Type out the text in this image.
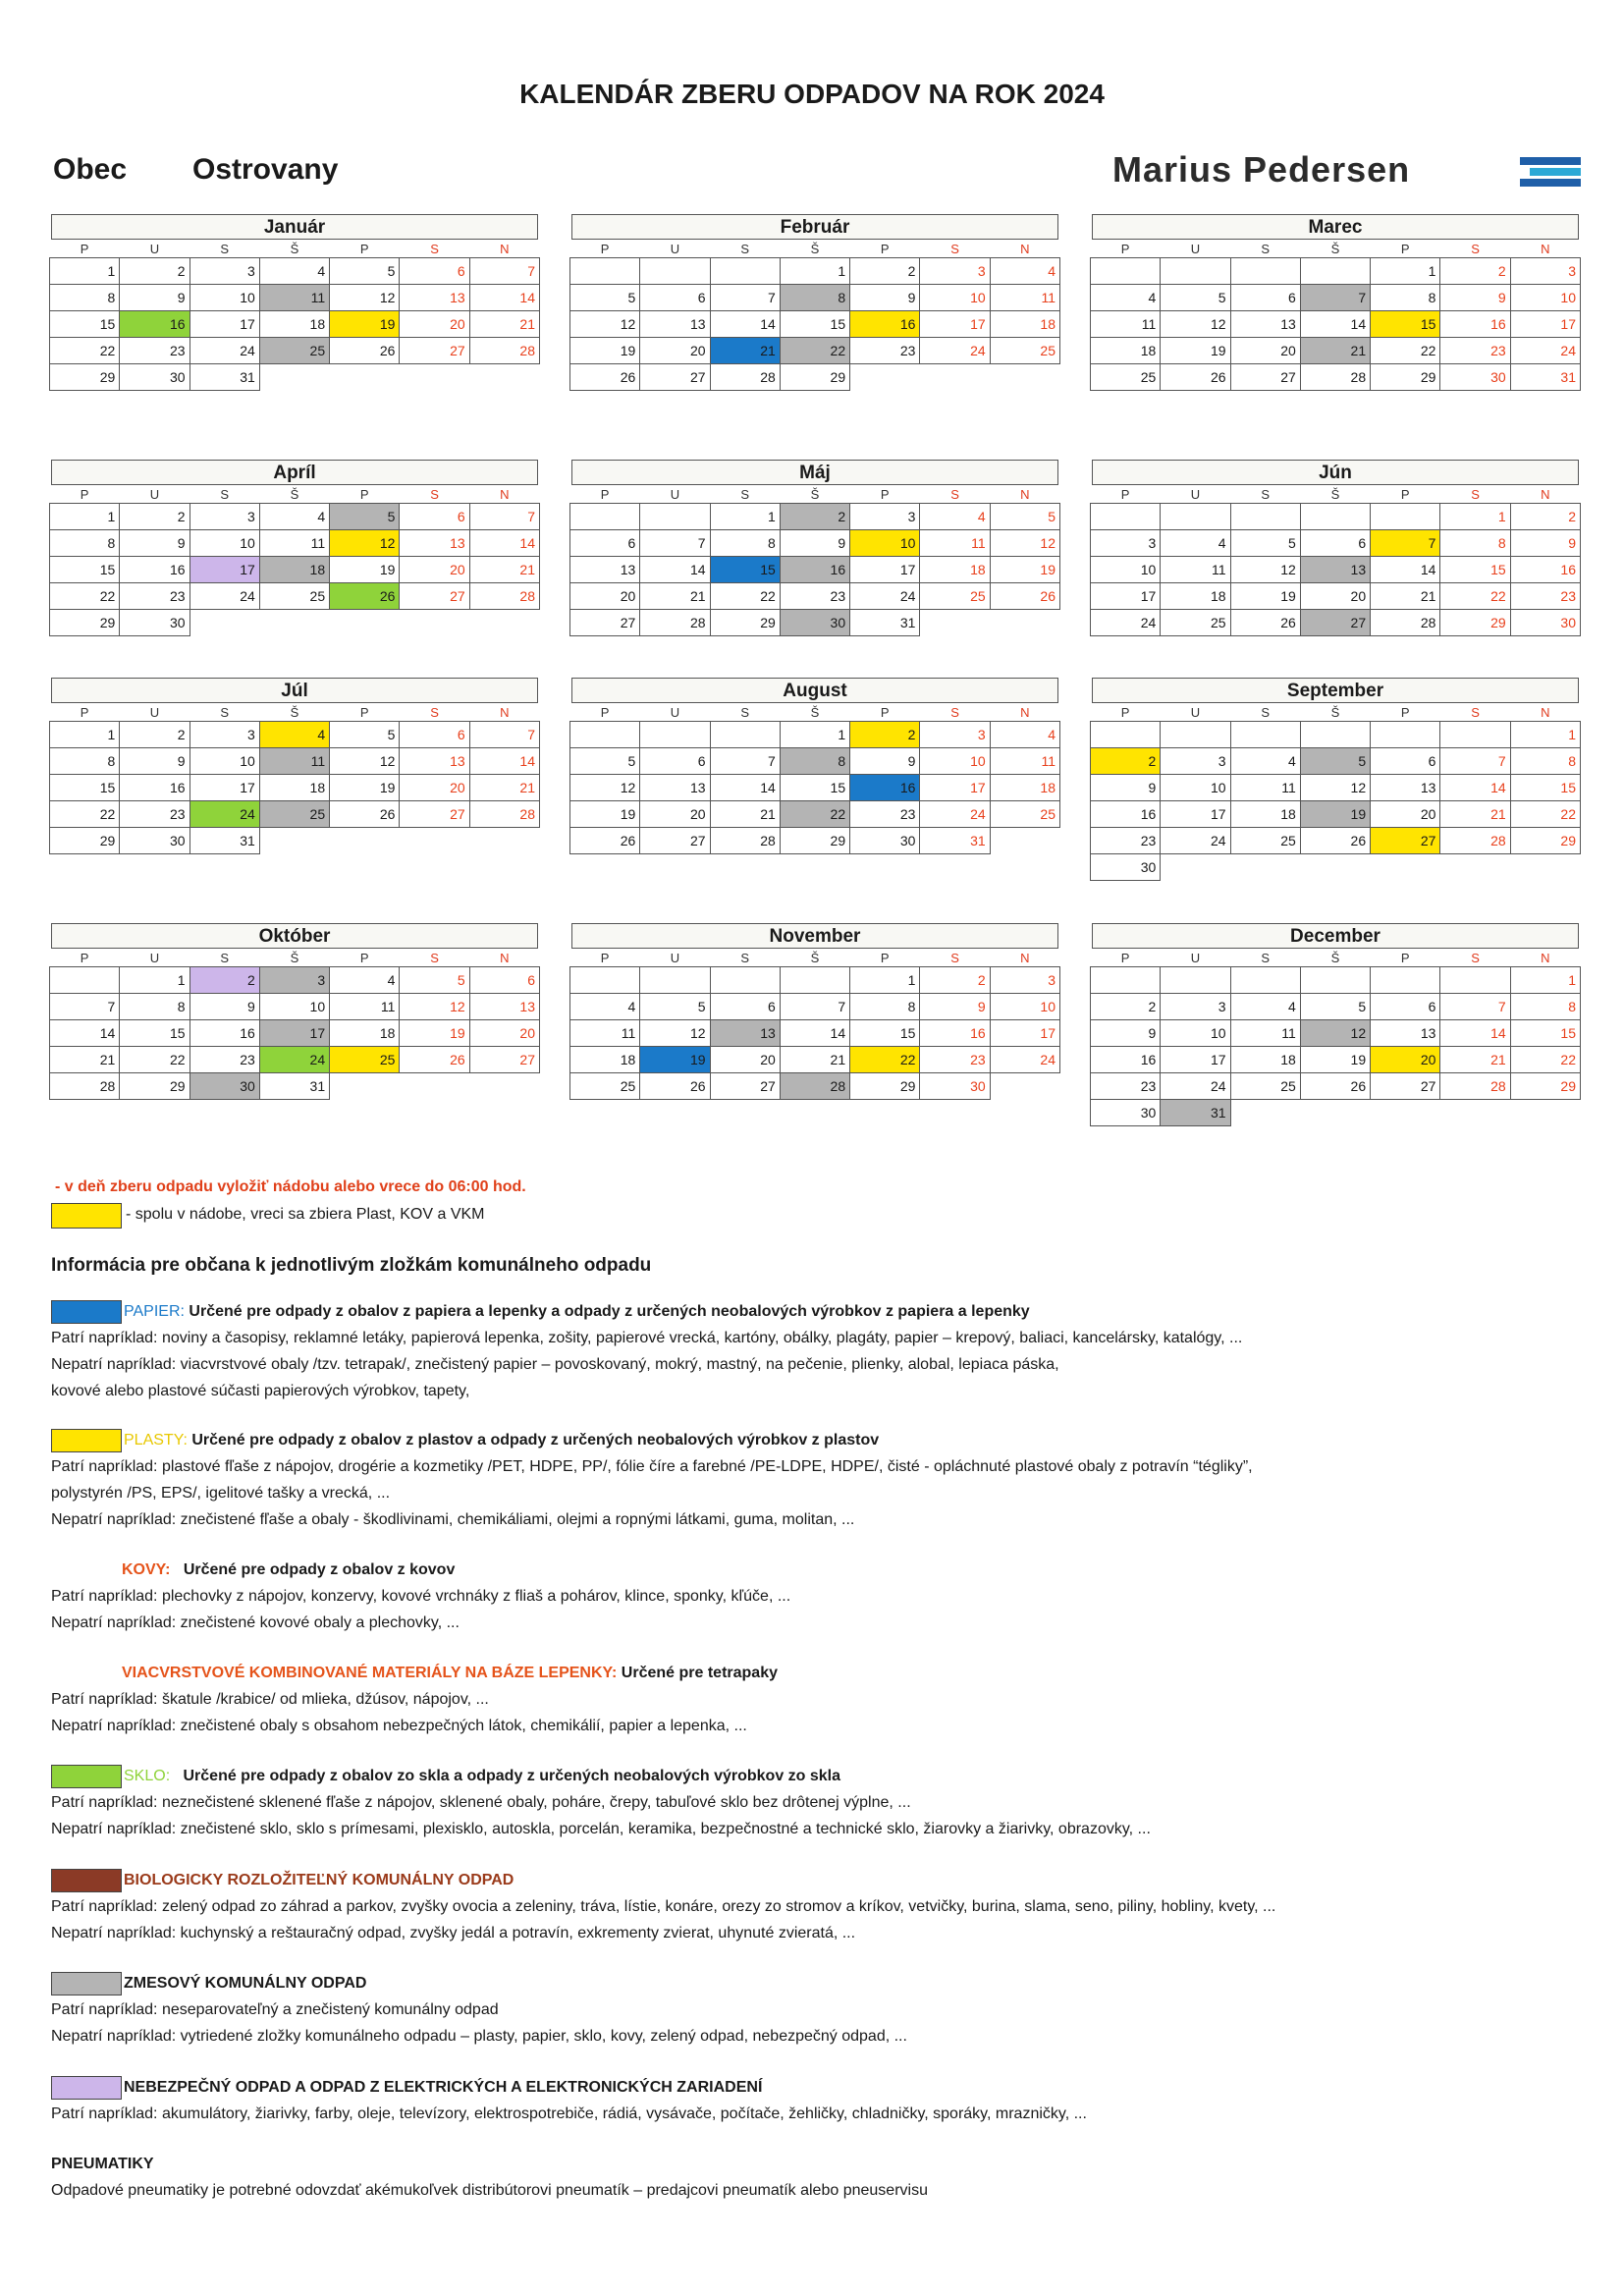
KALENDÁR ZBERU ODPADOV NA ROK 2024
Obec Ostrovany	Marius Pedersen
Január
P	U	S	Š	P	S	N
1	2	3	4	5	6	7
8	9	10	11	12	13	14
15	16	17	18	19	20	21
22	23	24	25	26	27	28
29	30	31				
Február
P	U	S	Š	P	S	N
			1	2	3	4
5	6	7	8	9	10	11
12	13	14	15	16	17	18
19	20	21	22	23	24	25
26	27	28	29			
Marec
P	U	S	Š	P	S	N
				1	2	3
4	5	6	7	8	9	10
11	12	13	14	15	16	17
18	19	20	21	22	23	24
25	26	27	28	29	30	31
Apríl
P	U	S	Š	P	S	N
1	2	3	4	5	6	7
8	9	10	11	12	13	14
15	16	17	18	19	20	21
22	23	24	25	26	27	28
29	30					
Máj
P	U	S	Š	P	S	N
		1	2	3	4	5
6	7	8	9	10	11	12
13	14	15	16	17	18	19
20	21	22	23	24	25	26
27	28	29	30	31		
Jún
P	U	S	Š	P	S	N
					1	2
3	4	5	6	7	8	9
10	11	12	13	14	15	16
17	18	19	20	21	22	23
24	25	26	27	28	29	30
Júl
P	U	S	Š	P	S	N
1	2	3	4	5	6	7
8	9	10	11	12	13	14
15	16	17	18	19	20	21
22	23	24	25	26	27	28
29	30	31				
August
P	U	S	Š	P	S	N
			1	2	3	4
5	6	7	8	9	10	11
12	13	14	15	16	17	18
19	20	21	22	23	24	25
26	27	28	29	30	31	
September
P	U	S	Š	P	S	N
						1
2	3	4	5	6	7	8
9	10	11	12	13	14	15
16	17	18	19	20	21	22
23	24	25	26	27	28	29
30						
Október
P	U	S	Š	P	S	N
	1	2	3	4	5	6
7	8	9	10	11	12	13
14	15	16	17	18	19	20
21	22	23	24	25	26	27
28	29	30	31			
November
P	U	S	Š	P	S	N
				1	2	3
4	5	6	7	8	9	10
11	12	13	14	15	16	17
18	19	20	21	22	23	24
25	26	27	28	29	30	
December
P	U	S	Š	P	S	N
						1
2	3	4	5	6	7	8
9	10	11	12	13	14	15
16	17	18	19	20	21	22
23	24	25	26	27	28	29
30	31					
- v deň zberu odpadu vyložiť nádobu alebo vrece do 06:00 hod.
- spolu v nádobe, vreci sa zbiera Plast, KOV a VKM
Informácia pre občana k jednotlivým zložkám komunálneho odpadu
PAPIER: Určené pre odpady z obalov z papiera a lepenky a odpady z určených neobalových výrobkov z papiera a lepenky
Patrí napríklad: noviny a časopisy, reklamné letáky, papierová lepenka, zošity, papierové vrecká, kartóny, obálky, plagáty, papier – krepový, baliaci, kancelársky, katalógy, ...
Nepatrí napríklad: viacvrstvové obaly /tzv. tetrapak/, znečistený papier – povoskovaný, mokrý, mastný, na pečenie, plienky, alobal, lepiaca páska,
kovové alebo plastové súčasti papierových výrobkov, tapety,
PLASTY: Určené pre odpady z obalov z plastov a odpady z určených neobalových výrobkov z plastov
Patrí napríklad: plastové fľaše z nápojov, drogérie a kozmetiky /PET, HDPE, PP/, fólie číre a farebné /PE-LDPE, HDPE/, čisté - opláchnuté plastové obaly z potravín “tégliky”,
polystyrén /PS, EPS/, igelitové tašky a vrecká, ...
Nepatrí napríklad: znečistené fľaše a obaly - škodlivinami, chemikáliami, olejmi a ropnými látkami, guma, molitan, ...
KOVY: Určené pre odpady z obalov z kovov
Patrí napríklad: plechovky z nápojov, konzervy, kovové vrchnáky z fliaš a pohárov, klince, sponky, kľúče, ...
Nepatrí napríklad: znečistené kovové obaly a plechovky, ...
VIACVRSTVOVÉ KOMBINOVANÉ MATERIÁLY NA BÁZE LEPENKY: Určené pre tetrapaky
Patrí napríklad: škatule /krabice/ od mlieka, džúsov, nápojov, ...
Nepatrí napríklad: znečistené obaly s obsahom nebezpečných látok, chemikálií, papier a lepenka, ...
SKLO: Určené pre odpady z obalov zo skla a odpady z určených neobalových výrobkov zo skla
Patrí napríklad: neznečistené sklenené fľaše z nápojov, sklenené obaly, poháre, črepy, tabuľové sklo bez drôtenej výplne, ...
Nepatrí napríklad: znečistené sklo, sklo s prímesami, plexisklo, autoskla, porcelán, keramika, bezpečnostné a technické sklo, žiarovky a žiarivky, obrazovky, ...
BIOLOGICKY ROZLOŽITEĽNÝ KOMUNÁLNY ODPAD
Patrí napríklad: zelený odpad zo záhrad a parkov, zvyšky ovocia a zeleniny, tráva, lístie, konáre, orezy zo stromov a kríkov, vetvičky, burina, slama, seno, piliny, hobliny, kvety, ...
Nepatrí napríklad: kuchynský a reštauračný odpad, zvyšky jedál a potravín, exkrementy zvierat, uhynuté zvieratá, ...
ZMESOVÝ KOMUNÁLNY ODPAD
Patrí napríklad: neseparovateľný a znečistený komunálny odpad
Nepatrí napríklad: vytriedené zložky komunálneho odpadu – plasty, papier, sklo, kovy, zelený odpad, nebezpečný odpad, ...
NEBEZPEČNÝ ODPAD A ODPAD Z ELEKTRICKÝCH A ELEKTRONICKÝCH ZARIADENÍ
Patrí napríklad: akumulátory, žiarivky, farby, oleje, televízory, elektrospotrebiče, rádiá, vysávače, počítače, žehličky, chladničky, sporáky, mrazničky, ...
PNEUMATIKY
Odpadové pneumatiky je potrebné odovzdať akémukoľvek distribútorovi pneumatík – predajcovi pneumatík alebo pneuservisu
